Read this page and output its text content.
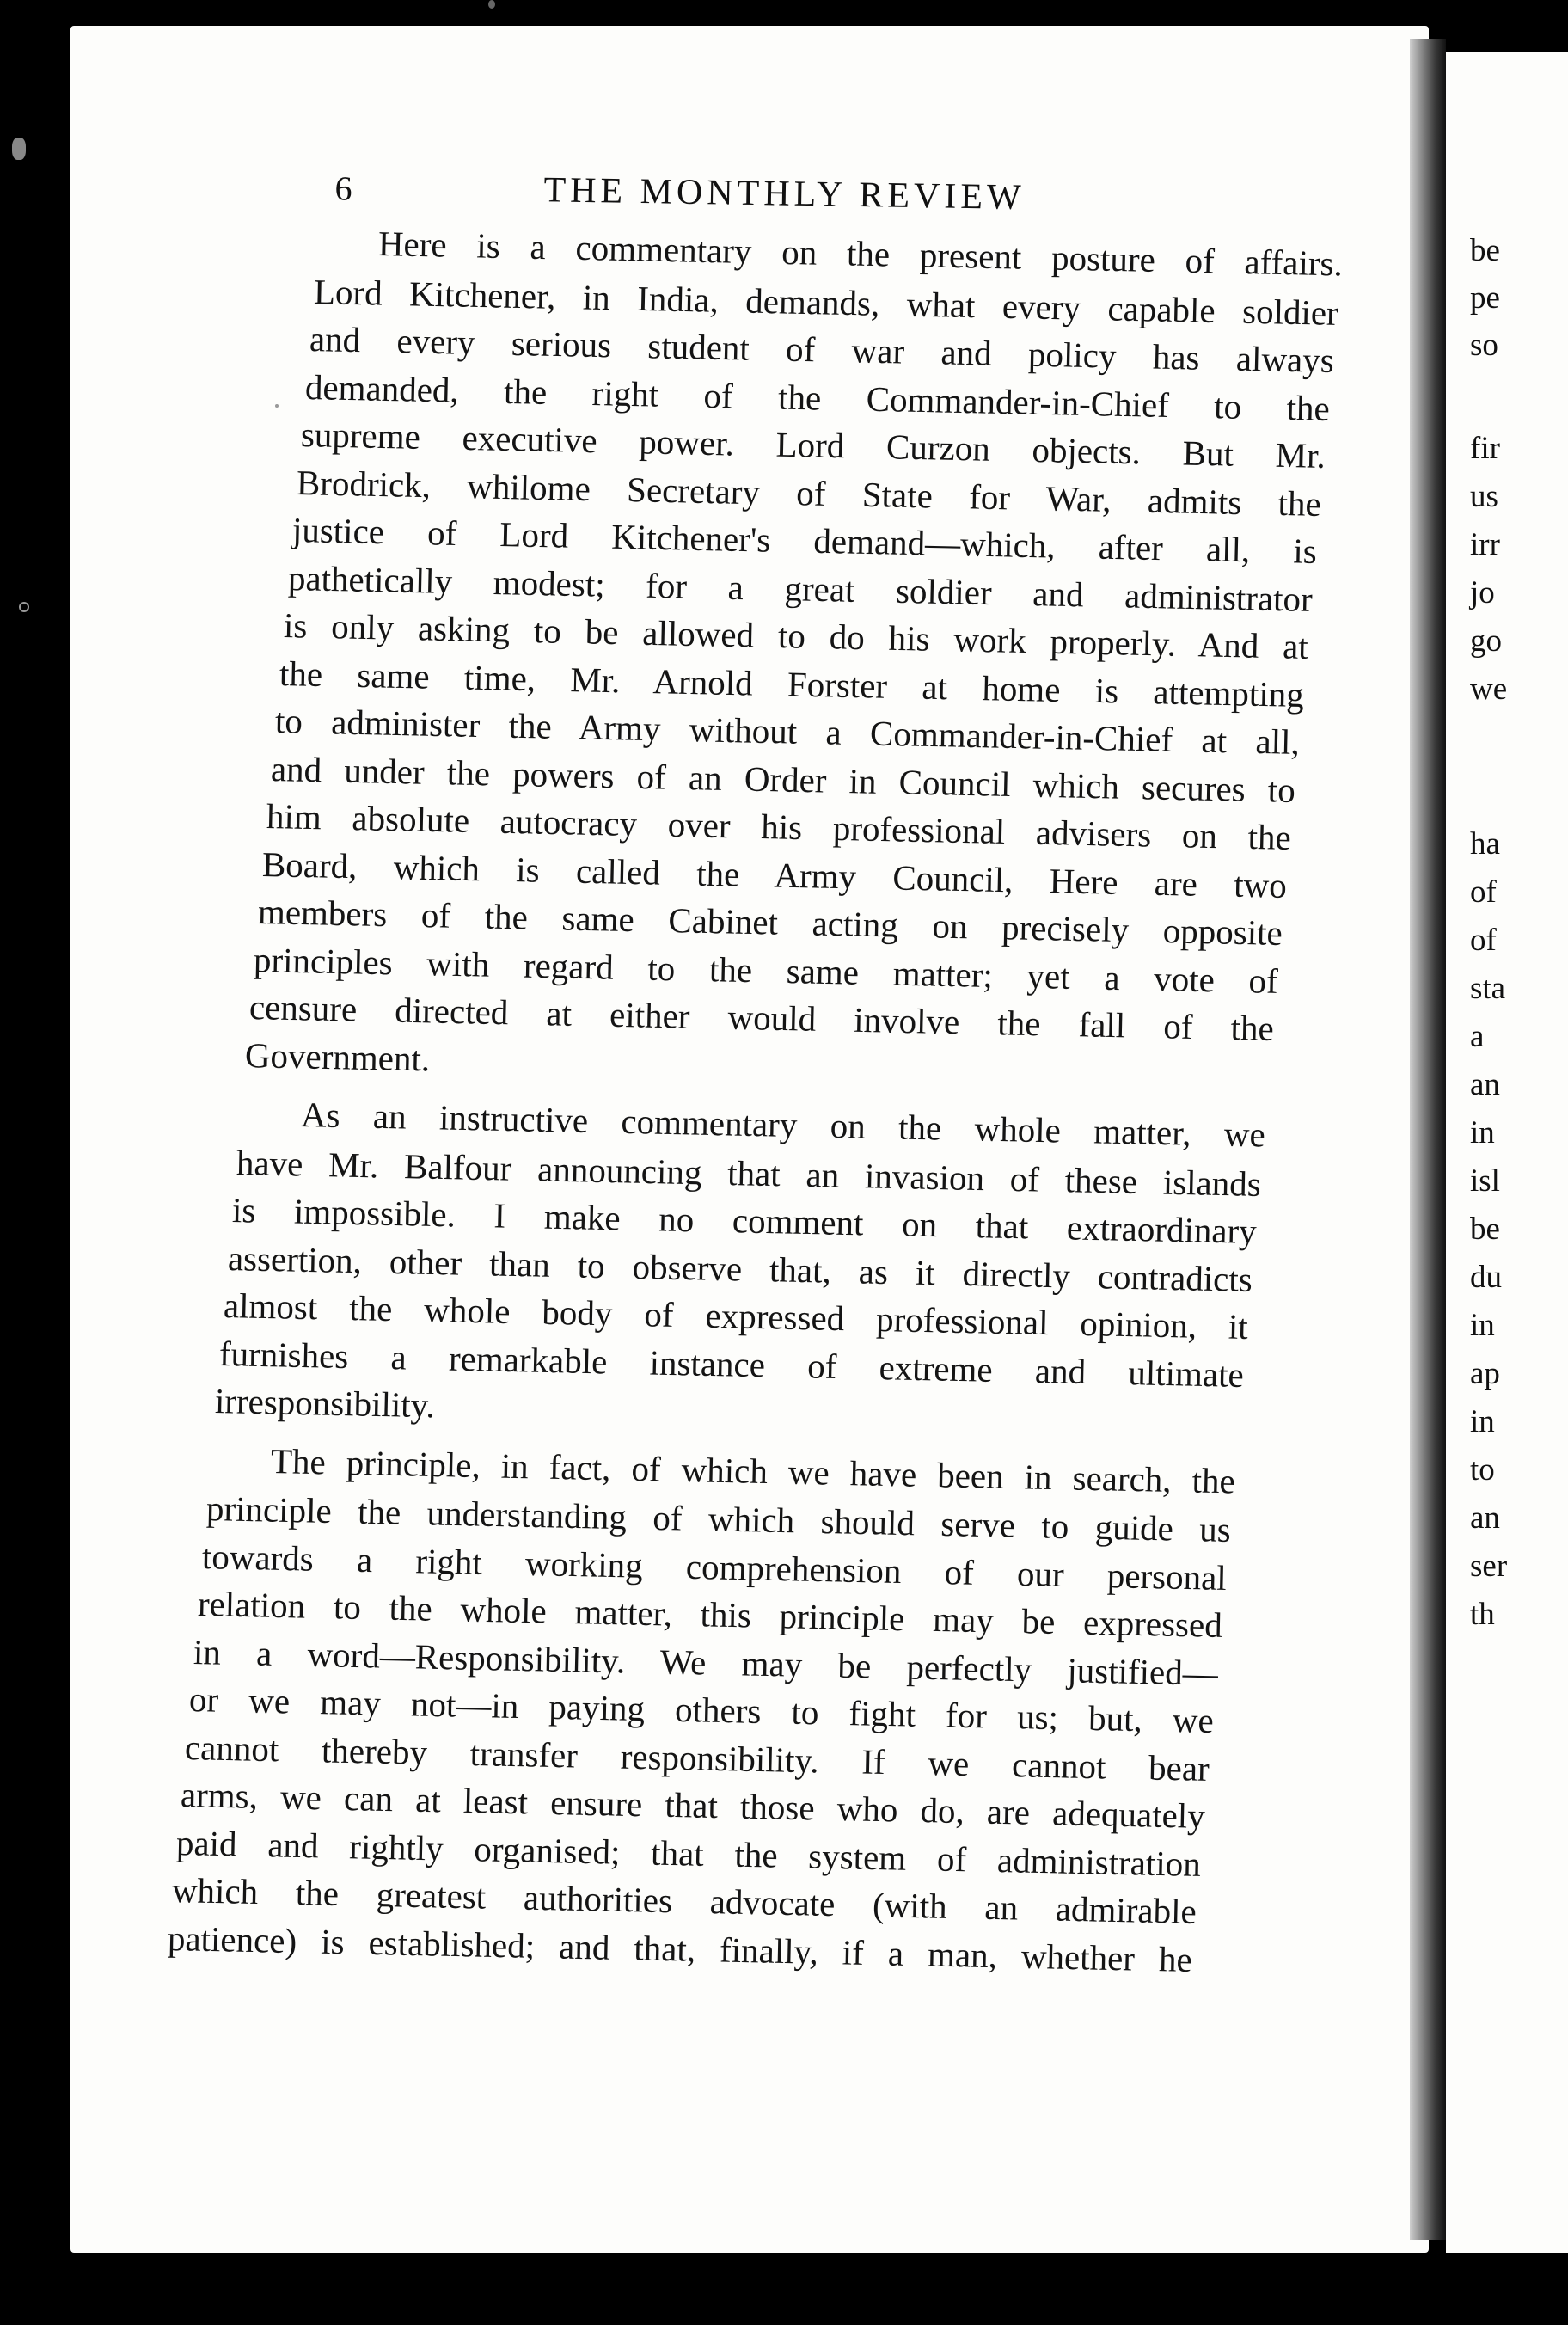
be
pe
so
fir
us
irr
jo
go
we
ha
of
of
sta
a
an
in
isl
be
du
in
ap
in
to
an
ser
th
6	THE MONTHLY REVIEW
Here is a commentary on the present posture of affairs.
Lord Kitchener, in India, demands, what every capable soldier
and every serious student of war and policy has always
demanded, the right of the Commander-in-Chief to the
supreme executive power. Lord Curzon objects. But Mr.
Brodrick, whilome Secretary of State for War, admits the
justice of Lord Kitchener's demand—which, after all, is
pathetically modest; for a great soldier and administrator
is only asking to be allowed to do his work properly. And at
the same time, Mr. Arnold Forster at home is attempting
to administer the Army without a Commander-in-Chief at all,
and under the powers of an Order in Council which secures to
him absolute autocracy over his professional advisers on the
Board, which is called the Army Council, Here are two
members of the same Cabinet acting on precisely opposite
principles with regard to the same matter; yet a vote of
censure directed at either would involve the fall of the
Government.
As an instructive commentary on the whole matter, we
have Mr. Balfour announcing that an invasion of these islands
is impossible. I make no comment on that extraordinary
assertion, other than to observe that, as it directly contradicts
almost the whole body of expressed professional opinion, it
furnishes a remarkable instance of extreme and ultimate
irresponsibility.
The principle, in fact, of which we have been in search, the
principle the understanding of which should serve to guide us
towards a right working comprehension of our personal
relation to the whole matter, this principle may be expressed
in a word—Responsibility. We may be perfectly justified—
or we may not—in paying others to fight for us; but, we
cannot thereby transfer responsibility. If we cannot bear
arms, we can at least ensure that those who do, are adequately
paid and rightly organised; that the system of administration
which the greatest authorities advocate (with an admirable
patience) is established; and that, finally, if a man, whether he
